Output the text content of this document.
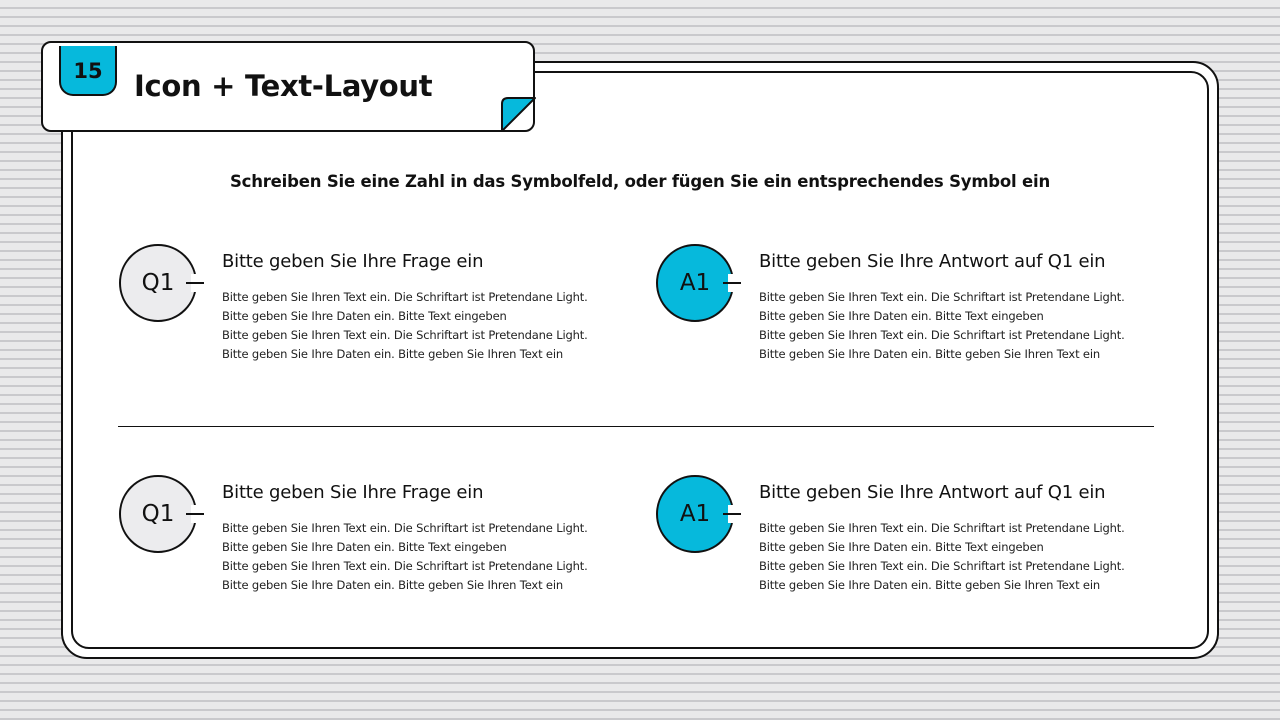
15	Icon + Text-Layout
Schreiben Sie eine Zahl in das Symbolfeld, oder fügen Sie ein entsprechendes Symbol ein
Q1
Bitte geben Sie Ihre Frage ein
Bitte geben Sie Ihren Text ein. Die Schriftart ist Pretendane Light.
Bitte geben Sie Ihre Daten ein. Bitte Text eingeben
Bitte geben Sie Ihren Text ein. Die Schriftart ist Pretendane Light.
Bitte geben Sie Ihre Daten ein. Bitte geben Sie Ihren Text ein
A1
Bitte geben Sie Ihre Antwort auf Q1 ein
Bitte geben Sie Ihren Text ein. Die Schriftart ist Pretendane Light.
Bitte geben Sie Ihre Daten ein. Bitte Text eingeben
Bitte geben Sie Ihren Text ein. Die Schriftart ist Pretendane Light.
Bitte geben Sie Ihre Daten ein. Bitte geben Sie Ihren Text ein
Q1
Bitte geben Sie Ihre Frage ein
Bitte geben Sie Ihren Text ein. Die Schriftart ist Pretendane Light.
Bitte geben Sie Ihre Daten ein. Bitte Text eingeben
Bitte geben Sie Ihren Text ein. Die Schriftart ist Pretendane Light.
Bitte geben Sie Ihre Daten ein. Bitte geben Sie Ihren Text ein
A1
Bitte geben Sie Ihre Antwort auf Q1 ein
Bitte geben Sie Ihren Text ein. Die Schriftart ist Pretendane Light.
Bitte geben Sie Ihre Daten ein. Bitte Text eingeben
Bitte geben Sie Ihren Text ein. Die Schriftart ist Pretendane Light.
Bitte geben Sie Ihre Daten ein. Bitte geben Sie Ihren Text ein
